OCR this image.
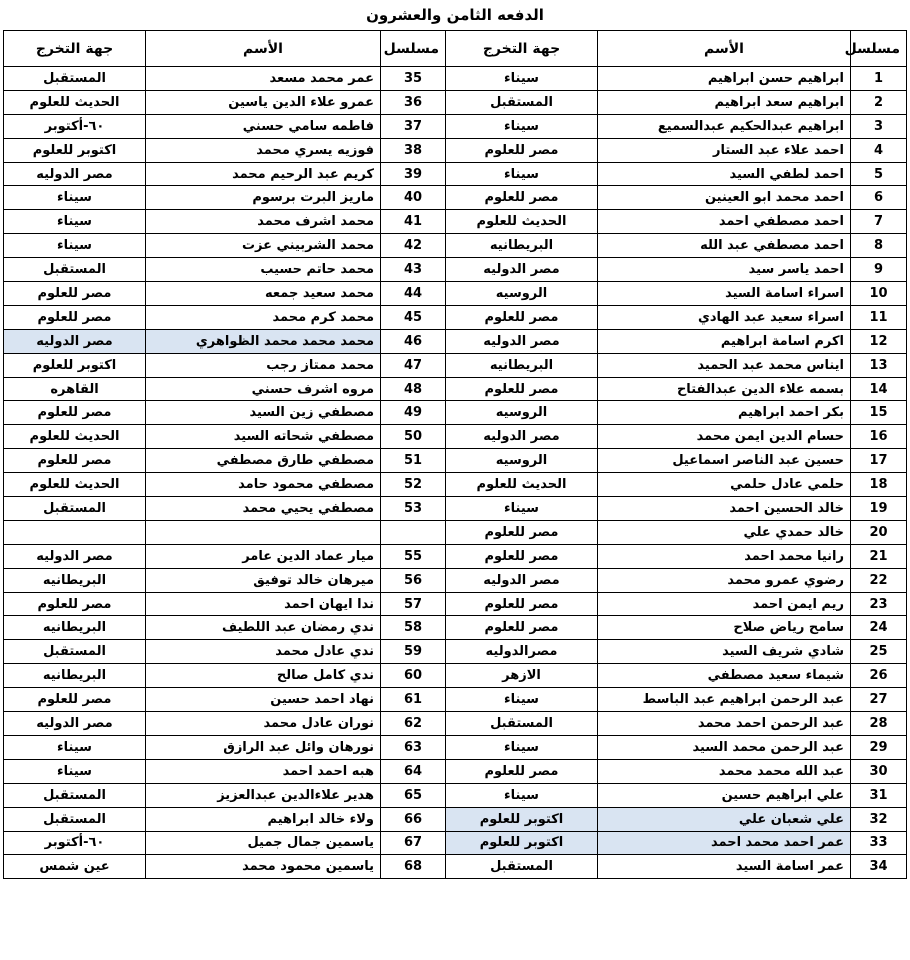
الدفعه الثامن والعشرون
مسلسل	الأسم	جهة التخرج	مسلسل	الأسم	جهة التخرج
1	ابراهيم حسن ابراهيم	سيناء	35	عمر محمد مسعد	المستقبل
2	ابراهيم سعد ابراهيم	المستقبل	36	عمرو علاء الدين ياسين	الحديث للعلوم
3	ابراهيم عبدالحكيم عبدالسميع	سيناء	37	فاطمه سامي حسني	٦٠-أكتوبر
4	احمد علاء عبد الستار	مصر للعلوم	38	فوزيه يسري محمد	اكتوبر للعلوم
5	احمد لطفي السيد	سيناء	39	كريم عبد الرحيم محمد	مصر الدوليه
6	احمد محمد ابو العينين	مصر للعلوم	40	ماريز البرت برسوم	سيناء
7	احمد مصطفي احمد	الحديث للعلوم	41	محمد اشرف محمد	سيناء
8	احمد مصطفي عبد الله	البريطانيه	42	محمد الشربيني عزت	سيناء
9	احمد ياسر سيد	مصر الدوليه	43	محمد حاتم حسيب	المستقبل
10	اسراء اسامة السيد	الروسيه	44	محمد سعيد جمعه	مصر للعلوم
11	اسراء سعيد عبد الهادي	مصر للعلوم	45	محمد كرم محمد	مصر للعلوم
12	اكرم اسامة ابراهيم	مصر الدوليه	46	محمد محمد محمد الظواهري	مصر الدوليه
13	ايناس محمد عبد الحميد	البريطانيه	47	محمد ممتاز رجب	اكتوبر للعلوم
14	بسمه علاء الدين عبدالفتاح	مصر للعلوم	48	مروه اشرف حسني	القاهره
15	بكر احمد ابراهيم	الروسيه	49	مصطفي زين السيد	مصر للعلوم
16	حسام الدين ايمن محمد	مصر الدوليه	50	مصطفي شحاته السيد	الحديث للعلوم
17	حسين عبد الناصر اسماعيل	الروسيه	51	مصطفي طارق مصطفي	مصر للعلوم
18	حلمي عادل حلمي	الحديث للعلوم	52	مصطفي محمود حامد	الحديث للعلوم
19	خالد الحسين احمد	سيناء	53	مصطفي يحيي محمد	المستقبل
20	خالد حمدي علي	مصر للعلوم			
21	رانيا محمد احمد	مصر للعلوم	55	ميار عماد الدين عامر	مصر الدوليه
22	رضوي عمرو محمد	مصر الدوليه	56	ميرهان خالد توفيق	البريطانيه
23	ريم ايمن احمد	مصر للعلوم	57	ندا ايهان احمد	مصر للعلوم
24	سامح رياض صلاح	مصر للعلوم	58	ندي رمضان عبد اللطيف	البريطانيه
25	شادي شريف السيد	مصرالدوليه	59	ندي عادل محمد	المستقبل
26	شيماء سعيد مصطفي	الازهر	60	ندي كامل صالح	البريطانيه
27	عبد الرحمن ابراهيم عبد الباسط	سيناء	61	نهاد احمد حسين	مصر للعلوم
28	عبد الرحمن احمد محمد	المستقبل	62	نوران عادل محمد	مصر الدوليه
29	عبد الرحمن محمد السيد	سيناء	63	نورهان وائل عبد الرازق	سيناء
30	عبد الله محمد محمد	مصر للعلوم	64	هبه احمد احمد	سيناء
31	علي ابراهيم حسين	سيناء	65	هدير علاءالدين عبدالعزيز	المستقبل
32	علي شعبان علي	اكتوبر للعلوم	66	ولاء خالد ابراهيم	المستقبل
33	عمر احمد محمد احمد	اكتوبر للعلوم	67	ياسمين جمال جميل	٦٠-أكتوبر
34	عمر اسامة السيد	المستقبل	68	ياسمين محمود محمد	عين شمس
